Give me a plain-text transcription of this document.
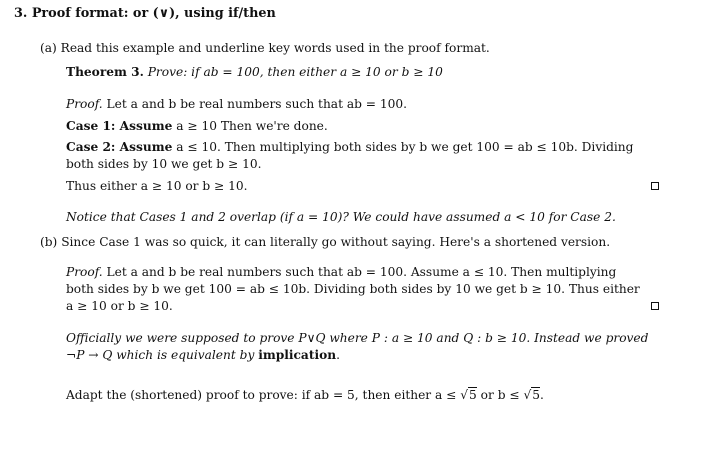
3. Proof format: or (∨), using if/then
(a) Read this example and underline key words used in the proof format.
Theorem 3. Prove: if ab = 100, then either a ≥ 10 or b ≥ 10
Proof. Let a and b be real numbers such that ab = 100.
Case 1: Assume a ≥ 10 Then we're done.
Case 2: Assume a ≤ 10. Then multiplying both sides by b we get 100 = ab ≤ 10b. Dividing
both sides by 10 we get b ≥ 10.
Thus either a ≥ 10 or b ≥ 10.
Notice that Cases 1 and 2 overlap (if a = 10)? We could have assumed a < 10 for Case 2.
(b) Since Case 1 was so quick, it can literally go without saying. Here's a shortened version.
Proof. Let a and b be real numbers such that ab = 100. Assume a ≤ 10. Then multiplying
both sides by b we get 100 = ab ≤ 10b. Dividing both sides by 10 we get b ≥ 10. Thus either
a ≥ 10 or b ≥ 10.
Officially we were supposed to prove P∨Q where P : a ≥ 10 and Q : b ≥ 10. Instead we proved
¬P → Q which is equivalent by implication.
Adapt the (shortened) proof to prove: if ab = 5, then either a ≤ √5 or b ≤ √5.
